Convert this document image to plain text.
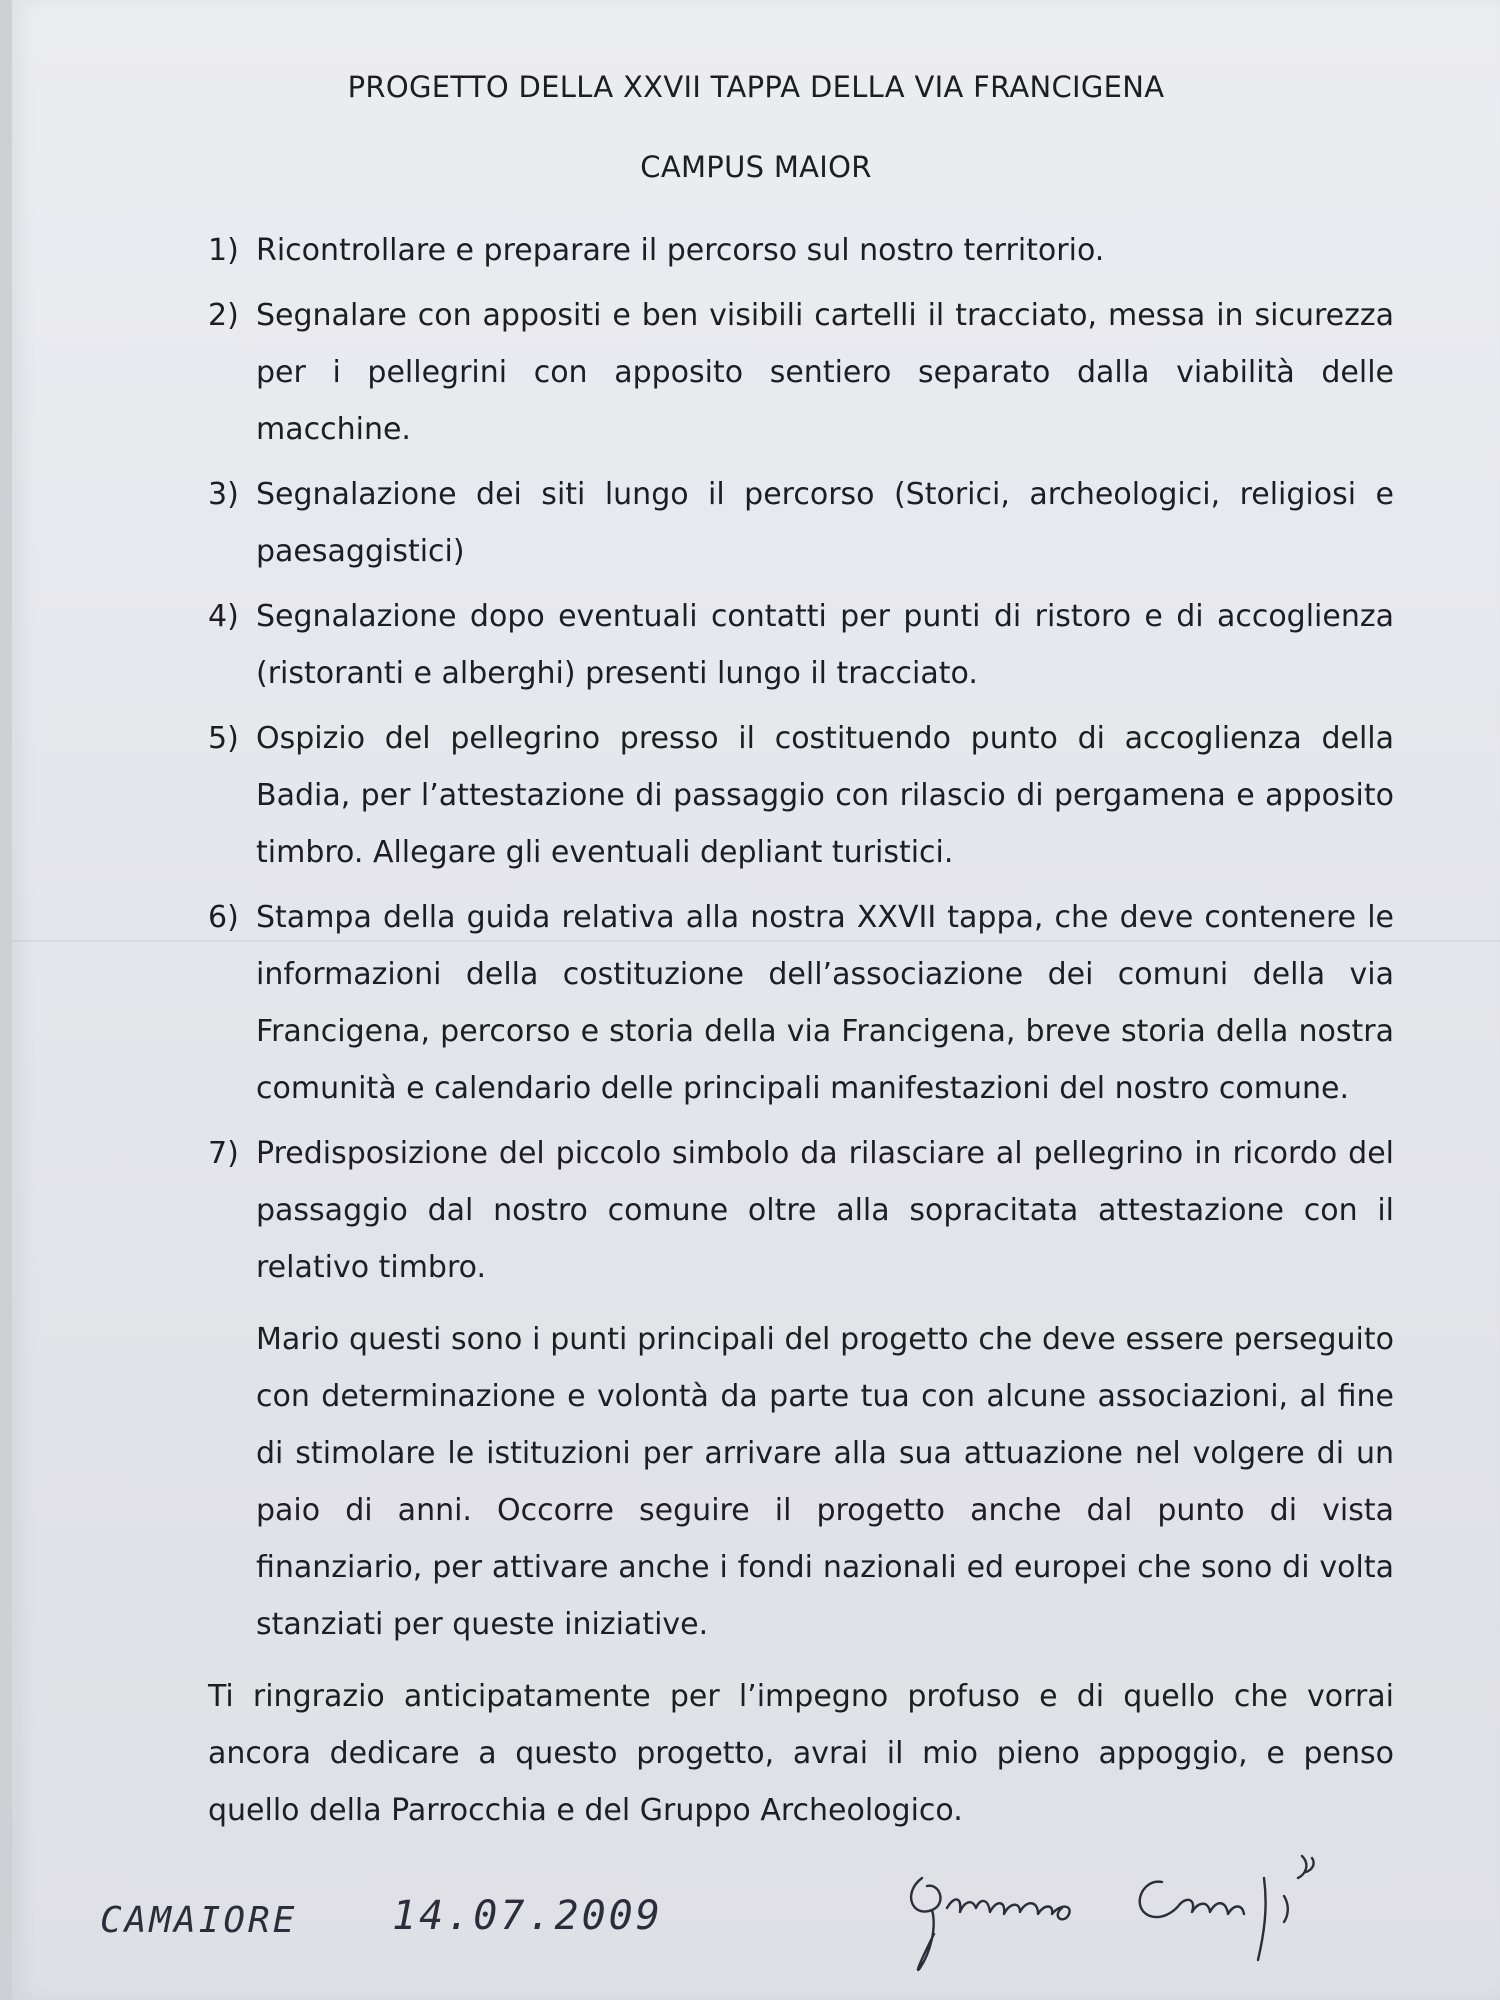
PROGETTO DELLA XXVII TAPPA DELLA VIA FRANCIGENA
CAMPUS MAIOR
1) Ricontrollare e preparare il percorso sul nostro territorio.

2) Segnalare con appositi e ben visibili cartelli il tracciato, messa in sicurezza per i pellegrini con apposito sentiero separato dalla viabilità delle macchine.

3) Segnalazione dei siti lungo il percorso (Storici, archeologici, religiosi e paesaggistici)

4) Segnalazione dopo eventuali contatti per punti di ristoro e di accoglienza (ristoranti e alberghi) presenti lungo il tracciato.

5) Ospizio del pellegrino presso il costituendo punto di accoglienza della Badia, per l’attestazione di passaggio con rilascio di pergamena e apposito timbro. Allegare gli eventuali depliant turistici.

6) Stampa della guida relativa alla nostra XXVII tappa, che deve contenere le informazioni della costituzione dell’associazione dei comuni della via Francigena, percorso e storia della via Francigena, breve storia della nostra comunità e calendario delle principali manifestazioni del nostro comune.

7) Predisposizione del piccolo simbolo da rilasciare al pellegrino in ricordo del passaggio dal nostro comune oltre alla sopracitata attestazione con il relativo timbro.

Mario questi sono i punti principali del progetto che deve essere perseguito con determinazione e volontà da parte tua con alcune associazioni, al fine di stimolare le istituzioni per arrivare alla sua attuazione nel volgere di un paio di anni. Occorre seguire il progetto anche dal punto di vista finanziario, per attivare anche i fondi nazionali ed europei che sono di volta stanziati per queste iniziative.

Ti ringrazio anticipatamente per l’impegno profuso e di quello che vorrai ancora dedicare a questo progetto, avrai il mio pieno appoggio, e penso quello della Parrocchia e del Gruppo Archeologico.

CAMAIORE 14.07.2009
